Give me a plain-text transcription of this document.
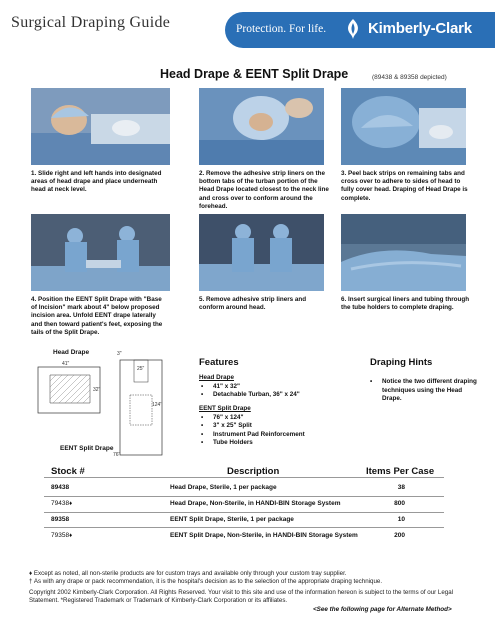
Surgical Draping Guide	Protection. For life.	Kimberly-Clark
Head Drape & EENT Split Drape	(89438 & 89358 depicted)
1. Slide right and left hands into designated areas of head drape and place underneath head at neck level.
2. Remove the adhesive strip liners on the bottom tabs of the turban portion of the Head Drape located closest to the neck line and cross over to conform around the forehead.
3. Peel back strips on remaining tabs and cross over to adhere to sides of head to fully cover head. Draping of Head Drape is complete.
4. Position the EENT Split Drape with "Base of Incision" mark about 4" below proposed incision area. Unfold EENT drape laterally and then toward patient's feet, exposing the tails of the Split Drape.
5. Remove adhesive strip liners and conform around head.
6. Insert surgical liners and tubing through the tube holders to complete draping.
Head Drape
EENT Split Drape
41"
32"
3"
25"
124"
76"
Features
Head Drape
• 41" x 32"
• Detachable Turban, 36" x 24"
EENT Split Drape
• 76" x 124"
• 3" x 25" Split
• Instrument Pad Reinforcement
• Tube Holders
Draping Hints
• Notice the two different draping techniques using the Head Drape.
Stock #	Description	Items Per Case
89438	Head Drape, Sterile, 1 per package	38
79438♦	Head Drape, Non-Sterile, in HANDI-BIN Storage System	800
89358	EENT Split Drape, Sterile, 1 per package	10
79358♦	EENT Split Drape, Non-Sterile, in HANDI-BIN Storage System	200
♦ Except as noted, all non-sterile products are for custom trays and available only through your custom tray supplier.
† As with any drape or pack recommendation, it is the hospital's decision as to the selection of the appropriate draping technique.
Copyright 2002 Kimberly-Clark Corporation. All Rights Reserved. Your visit to this site and use of the information hereon is subject to the terms of our Legal Statement. *Registered Trademark or Trademark of Kimberly-Clark Corporation or its affiliates.
<See the following page for Alternate Method>
